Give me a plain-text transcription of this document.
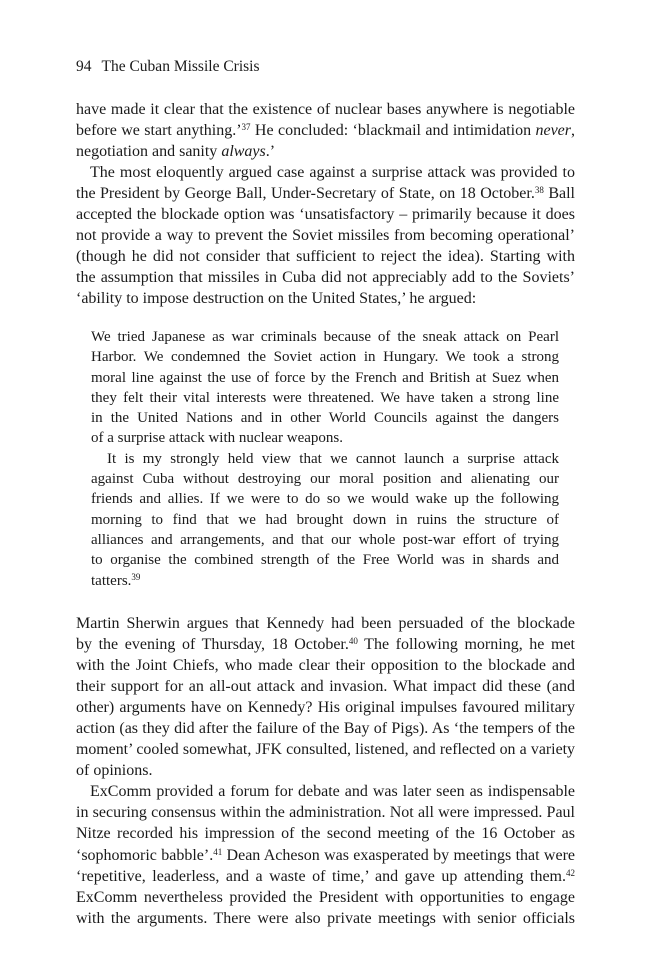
94 The Cuban Missile Crisis
have made it clear that the existence of nuclear bases anywhere is negotiable
before we start anything.’$^{37}$ He concluded: ‘blackmail and intimidation never,
negotiation and sanity always.’
The most eloquently argued case against a surprise attack was provided to
the President by George Ball, Under-Secretary of State, on 18 October.$^{38}$ Ball
accepted the blockade option was ‘unsatisfactory – primarily because it does
not provide a way to prevent the Soviet missiles from becoming operational’
(though he did not consider that sufficient to reject the idea). Starting with
the assumption that missiles in Cuba did not appreciably add to the Soviets’
‘ability to impose destruction on the United States,’ he argued:
We tried Japanese as war criminals because of the sneak attack on Pearl
Harbor. We condemned the Soviet action in Hungary. We took a strong
moral line against the use of force by the French and British at Suez when
they felt their vital interests were threatened. We have taken a strong line
in the United Nations and in other World Councils against the dangers
of a surprise attack with nuclear weapons.
It is my strongly held view that we cannot launch a surprise attack
against Cuba without destroying our moral position and alienating our
friends and allies. If we were to do so we would wake up the following
morning to find that we had brought down in ruins the structure of
alliances and arrangements, and that our whole post-war effort of trying
to organise the combined strength of the Free World was in shards and
tatters.$^{39}$
Martin Sherwin argues that Kennedy had been persuaded of the blockade
by the evening of Thursday, 18 October.$^{40}$ The following morning, he met
with the Joint Chiefs, who made clear their opposition to the blockade and
their support for an all-out attack and invasion. What impact did these (and
other) arguments have on Kennedy? His original impulses favoured military
action (as they did after the failure of the Bay of Pigs). As ‘the tempers of the
moment’ cooled somewhat, JFK consulted, listened, and reflected on a variety
of opinions.
ExComm provided a forum for debate and was later seen as indispensable
in securing consensus within the administration. Not all were impressed. Paul
Nitze recorded his impression of the second meeting of the 16 October as
‘sophomoric babble’.$^{41}$ Dean Acheson was exasperated by meetings that were
‘repetitive, leaderless, and a waste of time,’ and gave up attending them.$^{42}$
ExComm nevertheless provided the President with opportunities to engage
with the arguments. There were also private meetings with senior officials
